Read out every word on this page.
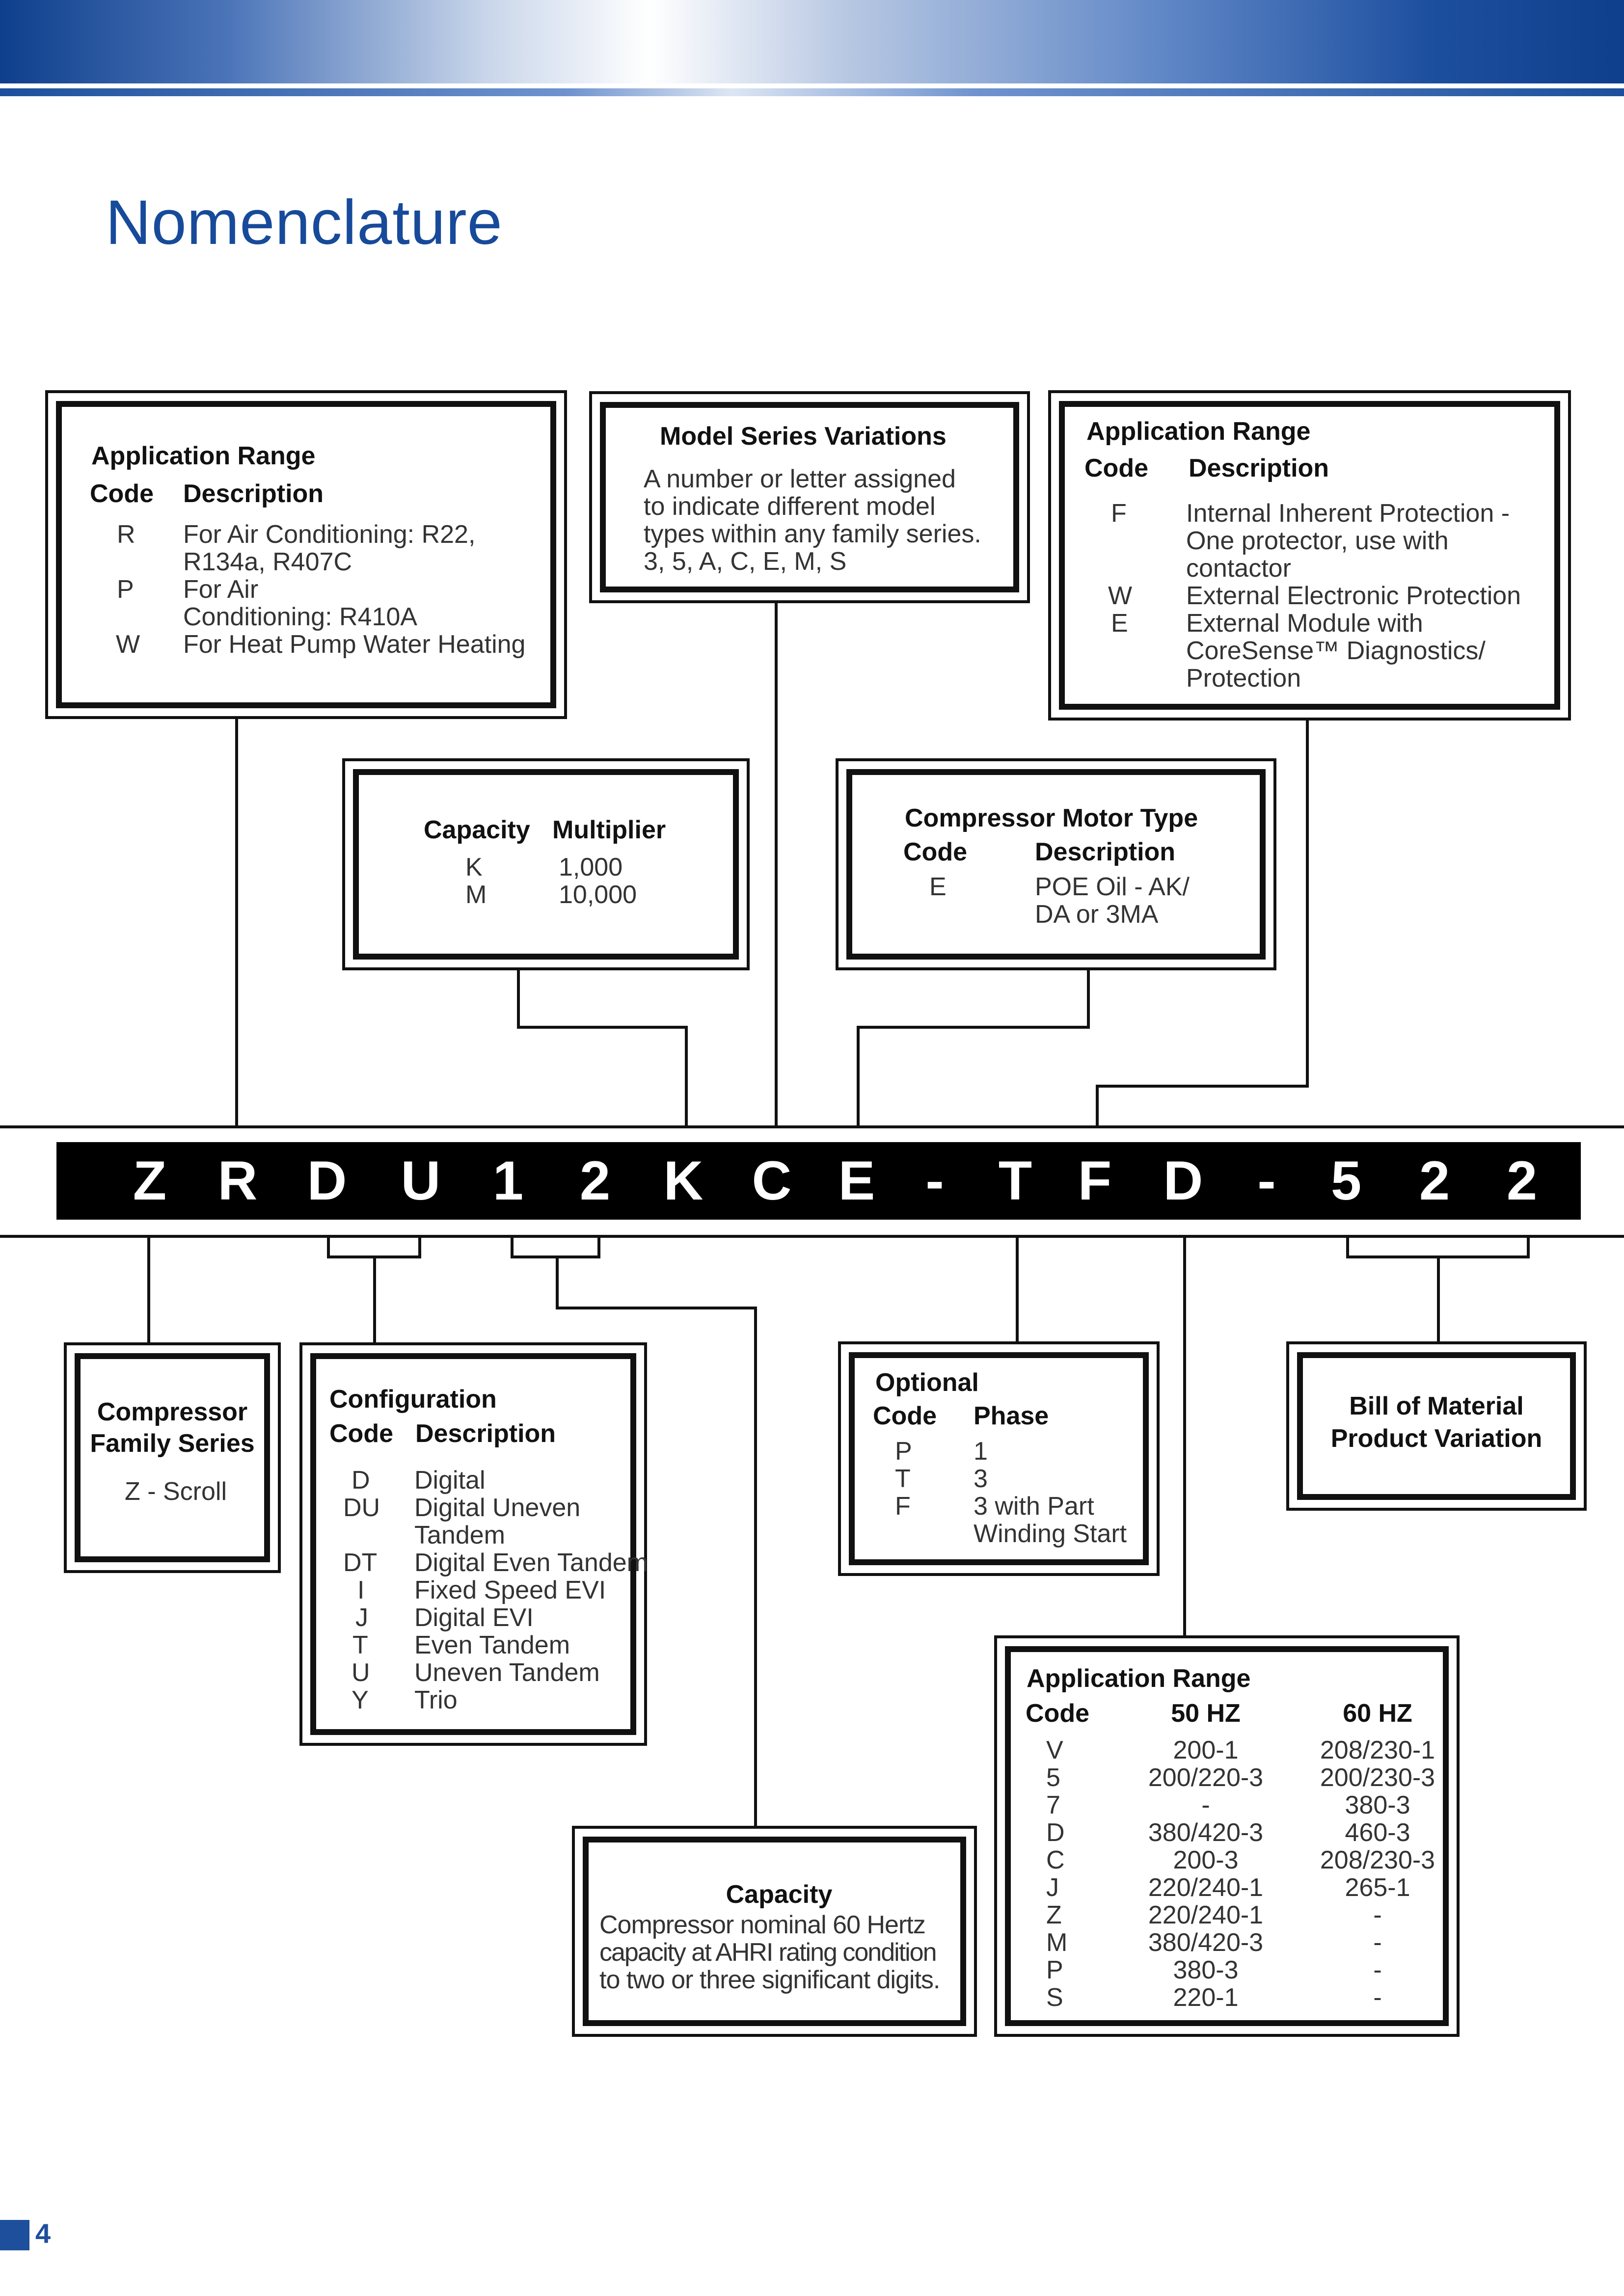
Nomenclature
Z R D U 1 2 K C E - T F D -	5 2 2
Application Range
Code Description
R For Air Conditioning: R22,
R134a, R407C
P For Air
Conditioning: R410A
W For Heat Pump Water Heating
Model Series Variations
A number or letter assigned
to indicate different model
types within any family series.
3, 5, A, C, E, M, S
Application Range
Code Description
F Internal Inherent Protection -
One protector, use with
contactor
W External Electronic Protection
E External Module with
CoreSense™ Diagnostics/
Protection
Capacity Multiplier
K	1,000
M	10,000
Compressor Motor Type
Code	Description
E	POE Oil - AK/
DA or 3MA
Compressor
Family Series
Z - Scroll
Configuration
Code Description
D Digital
DU Digital Uneven
Tandem
DT Digital Even Tandem
I Fixed Speed EVI
J Digital EVI
T Even Tandem
U Uneven Tandem
Y Trio
Optional
Code Phase
P 1
T 3
F 3 with Part
Winding Start
Bill of Material
Product Variation
Capacity
Compressor nominal 60 Hertz
capacity at AHRI rating condition
to two or three significant digits.
Application Range
Code	50 HZ	60 HZ
V	200-1	208/230-1
5	200/220-3	200/230-3
7	-	380-3
D	380/420-3	460-3
C	200-3	208/230-3
J	220/240-1	265-1
Z	220/240-1	-
M	380/420-3	-
P	380-3	-
S	220-1	-
4
